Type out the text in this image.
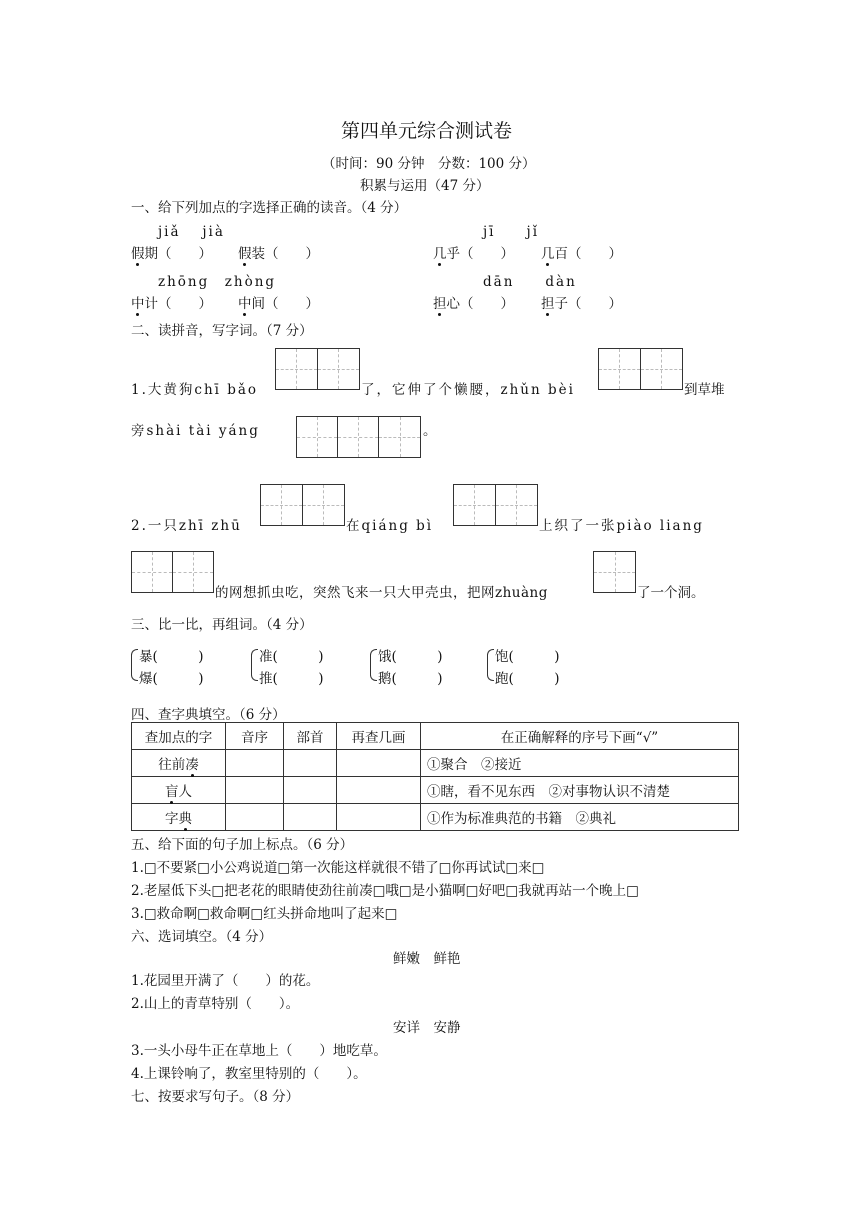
第四单元综合测试卷
（时间：90 分钟　分数：100 分）
积累与运用（47 分）
一、给下列加点的字选择正确的读音。（4 分）
jiǎ　 jià	jī　　jǐ
假期（　　） 假装（　　）	几乎（　　） 几百（　　）
zhōng　zhòng	dān　　dàn
中计（　　） 中间（　　）	担心（　　） 担子（　　）
二、读拼音，写字词。（7 分）
1.大黄狗chī bǎo	了，它伸了个懒腰，zhǔn bèi	到草堆
旁shài tài yáng	。
2.一只zhī zhū	在qiáng bì	上织了一张piào liang
的网想抓虫吃，突然飞来一只大甲壳虫，把网zhuàng	了一个洞。
三、比一比，再组词。（4 分）
暴(　　　)
爆(　　　)
准(　　　)
推(　　　)
饿(　　　)
鹅(　　　)
饱(　　　)
跑(　　　)
四、查字典填空。（6 分）
查加点的字	音序	部首	再查几画	在正确解释的序号下画“√”
往前凑				①聚合　②接近
盲人				①瞎，看不见东西　②对事物认识不清楚
字典				①作为标准典范的书籍　②典礼
五、给下面的句子加上标点。（6 分）
1.□不要紧□小公鸡说道□第一次能这样就很不错了□你再试试□来□
2.老屋低下头□把老花的眼睛使劲往前凑□哦□是小猫啊□好吧□我就再站一个晚上□
3.□救命啊□救命啊□红头拼命地叫了起来□
六、选词填空。（4 分）
鲜嫩　鲜艳
1.花园里开满了（　　）的花。
2.山上的青草特别（　　）。
安详　安静
3.一头小母牛正在草地上（　　）地吃草。
4.上课铃响了，教室里特别的（　　）。
七、按要求写句子。（8 分）
